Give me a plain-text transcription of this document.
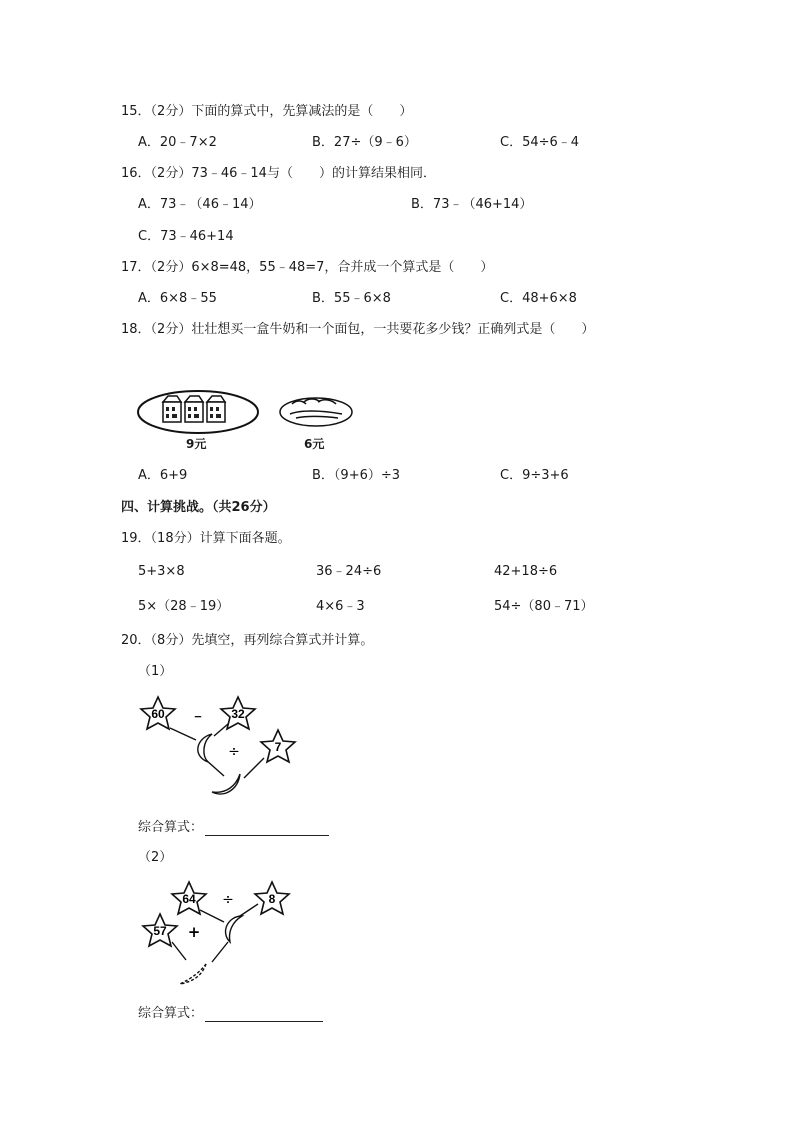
15．（2分）下面的算式中，先算减法的是（　　）
A．20﹣7×2	B．27÷（9﹣6）	C．54÷6﹣4
16．（2分）73﹣46﹣14与（　　）的计算结果相同．
A．73﹣（46﹣14）	B．73﹣（46+14）
C．73﹣46+14
17．（2分）6×8=48，55﹣48=7，合并成一个算式是（　　）
A．6×8﹣55	B．55﹣6×8	C．48+6×8
18．（2分）壮壮想买一盒牛奶和一个面包，一共要花多少钱？正确列式是（　　）
9元	6元
A．6+9	B．（9+6）÷3	C．9÷3+6
四、计算挑战。（共26分）
19．（18分）计算下面各题。
5+3×8	36﹣24÷6	42+18÷6
5×（28﹣19）	4×6﹣3	54÷（80﹣71）
20．（8分）先填空，再列综合算式并计算。
（1）
60	32
7
﹣
÷
综合算式：
（2）
64	8
57
÷
+
综合算式：
